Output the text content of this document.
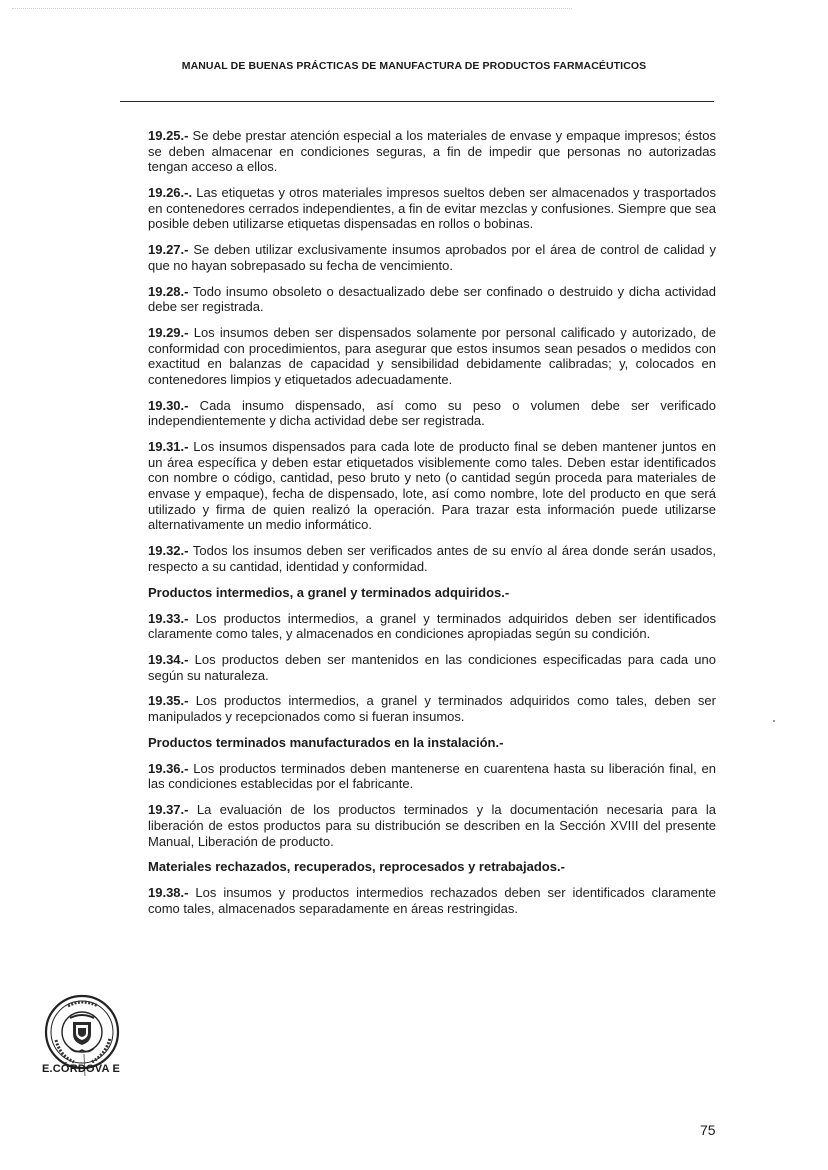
MANUAL DE BUENAS PRÁCTICAS DE MANUFACTURA DE PRODUCTOS FARMACÉUTICOS

19.25.- Se debe prestar atención especial a los materiales de envase y empaque impresos; éstos se deben almacenar en condiciones seguras, a fin de impedir que personas no autorizadas tengan acceso a ellos.

19.26.-. Las etiquetas y otros materiales impresos sueltos deben ser almacenados y trasportados en contenedores cerrados independientes, a fin de evitar mezclas y confusiones. Siempre que sea posible deben utilizarse etiquetas dispensadas en rollos o bobinas.

19.27.- Se deben utilizar exclusivamente insumos aprobados por el área de control de calidad y que no hayan sobrepasado su fecha de vencimiento.

19.28.- Todo insumo obsoleto o desactualizado debe ser confinado o destruido y dicha actividad debe ser registrada.

19.29.- Los insumos deben ser dispensados solamente por personal calificado y autorizado, de conformidad con procedimientos, para asegurar que estos insumos sean pesados o medidos con exactitud en balanzas de capacidad y sensibilidad debidamente calibradas; y, colocados en contenedores limpios y etiquetados adecuadamente.

19.30.- Cada insumo dispensado, así como su peso o volumen debe ser verificado independientemente y dicha actividad debe ser registrada.

19.31.- Los insumos dispensados para cada lote de producto final se deben mantener juntos en un área específica y deben estar etiquetados visiblemente como tales. Deben estar identificados con nombre o código, cantidad, peso bruto y neto (o cantidad según proceda para materiales de envase y empaque), fecha de dispensado, lote, así como nombre, lote del producto en que será utilizado y firma de quien realizó la operación. Para trazar esta información puede utilizarse alternativamente un medio informático.

19.32.- Todos los insumos deben ser verificados antes de su envío al área donde serán usados, respecto a su cantidad, identidad y conformidad.

Productos intermedios, a granel y terminados adquiridos.-

19.33.- Los productos intermedios, a granel y terminados adquiridos deben ser identificados claramente como tales, y almacenados en condiciones apropiadas según su condición.

19.34.- Los productos deben ser mantenidos en las condiciones especificadas para cada uno según su naturaleza.

19.35.- Los productos intermedios, a granel y terminados adquiridos como tales, deben ser manipulados y recepcionados como si fueran insumos.

Productos terminados manufacturados en la instalación.-

19.36.- Los productos terminados deben mantenerse en cuarentena hasta su liberación final, en las condiciones establecidas por el fabricante.

19.37.- La evaluación de los productos terminados y la documentación necesaria para la liberación de estos productos para su distribución se describen en la Sección XVIII del presente Manual, Liberación de producto.

Materiales rechazados, recuperados, reprocesados y retrabajados.-

19.38.- Los insumos y productos intermedios rechazados deben ser identificados claramente como tales, almacenados separadamente en áreas restringidas.

E.CÓRDOVA E
75
